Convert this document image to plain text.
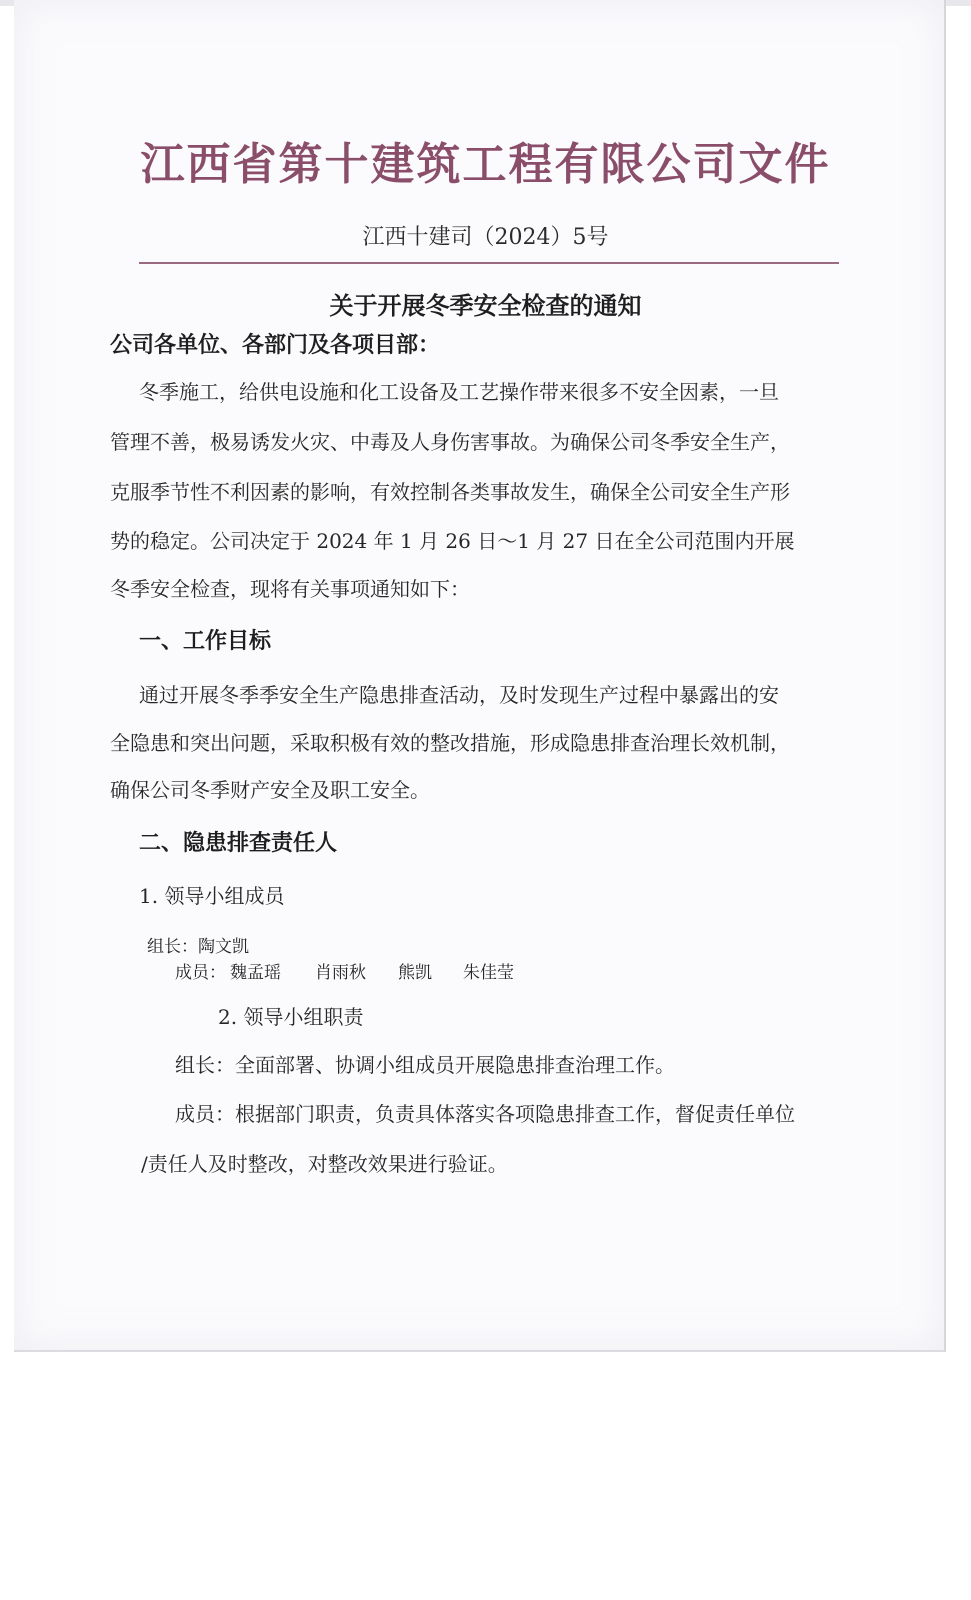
江西省第十建筑工程有限公司文件
江西十建司（2024）5号
关于开展冬季安全检查的通知
公司各单位、各部门及各项目部：
冬季施工，给供电设施和化工设备及工艺操作带来很多不安全因素，一旦
管理不善，极易诱发火灾、中毒及人身伤害事故。为确保公司冬季安全生产，
克服季节性不利因素的影响，有效控制各类事故发生，确保全公司安全生产形
势的稳定。公司决定于 2024 年 1 月 26 日～1 月 27 日在全公司范围内开展
冬季安全检查，现将有关事项通知如下：
一、工作目标
通过开展冬季季安全生产隐患排查活动，及时发现生产过程中暴露出的安
全隐患和突出问题，采取积极有效的整改措施，形成隐患排查治理长效机制，
确保公司冬季财产安全及职工安全。
二、隐患排查责任人
1. 领导小组成员
组长：陶文凯
成员： 魏孟瑶 肖雨秋 熊凯 朱佳莹
2. 领导小组职责
组长：全面部署、协调小组成员开展隐患排查治理工作。
成员：根据部门职责，负责具体落实各项隐患排查工作，督促责任单位
/责任人及时整改，对整改效果进行验证。
